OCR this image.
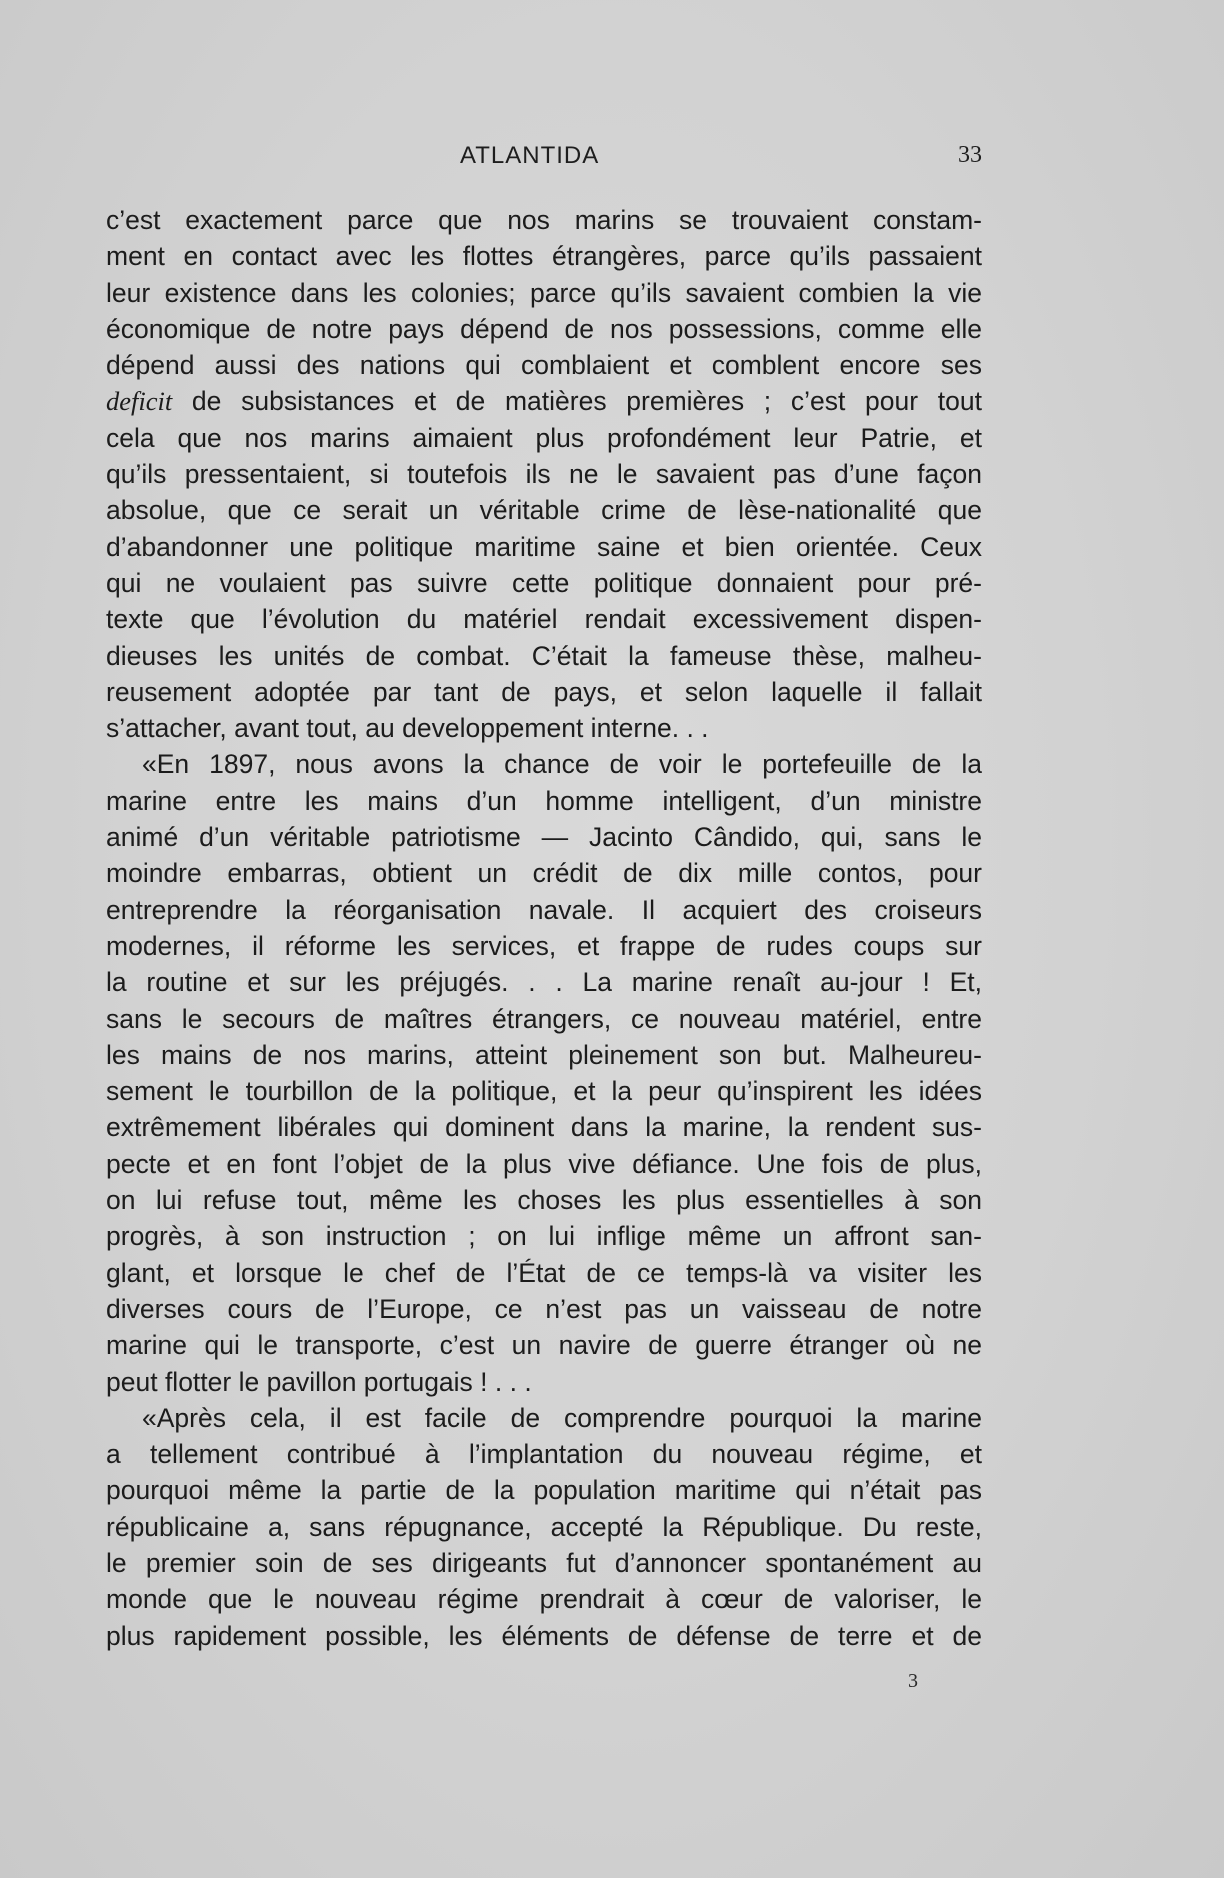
ATLANTIDA	33
c’est exactement parce que nos marins se trouvaient constam-
ment en contact avec les flottes étrangères, parce qu’ils passaient
leur existence dans les colonies; parce qu’ils savaient combien la vie
économique de notre pays dépend de nos possessions, comme elle
dépend aussi des nations qui comblaient et comblent encore ses
deficit de subsistances et de matières premières ; c’est pour tout
cela que nos marins aimaient plus profondément leur Patrie, et
qu’ils pressentaient, si toutefois ils ne le savaient pas d’une façon
absolue, que ce serait un véritable crime de lèse-nationalité que
d’abandonner une politique maritime saine et bien orientée. Ceux
qui ne voulaient pas suivre cette politique donnaient pour pré-
texte que l’évolution du matériel rendait excessivement dispen-
dieuses les unités de combat. C’était la fameuse thèse, malheu-
reusement adoptée par tant de pays, et selon laquelle il fallait
s’attacher, avant tout, au developpement interne. . .
«En 1897, nous avons la chance de voir le portefeuille de la
marine entre les mains d’un homme intelligent, d’un ministre
animé d’un véritable patriotisme — Jacinto Cândido, qui, sans le
moindre embarras, obtient un crédit de dix mille contos, pour
entreprendre la réorganisation navale. Il acquiert des croiseurs
modernes, il réforme les services, et frappe de rudes coups sur
la routine et sur les préjugés. . . La marine renaît au-jour ! Et,
sans le secours de maîtres étrangers, ce nouveau matériel, entre
les mains de nos marins, atteint pleinement son but. Malheureu-
sement le tourbillon de la politique, et la peur qu’inspirent les idées
extrêmement libérales qui dominent dans la marine, la rendent sus-
pecte et en font l’objet de la plus vive défiance. Une fois de plus,
on lui refuse tout, même les choses les plus essentielles à son
progrès, à son instruction ; on lui inflige même un affront san-
glant, et lorsque le chef de l’État de ce temps-là va visiter les
diverses cours de l’Europe, ce n’est pas un vaisseau de notre
marine qui le transporte, c’est un navire de guerre étranger où ne
peut flotter le pavillon portugais ! . . .
«Après cela, il est facile de comprendre pourquoi la marine
a tellement contribué à l’implantation du nouveau régime, et
pourquoi même la partie de la population maritime qui n’était pas
républicaine a, sans répugnance, accepté la République. Du reste,
le premier soin de ses dirigeants fut d’annoncer spontanément au
monde que le nouveau régime prendrait à cœur de valoriser, le
plus rapidement possible, les éléments de défense de terre et de
3
